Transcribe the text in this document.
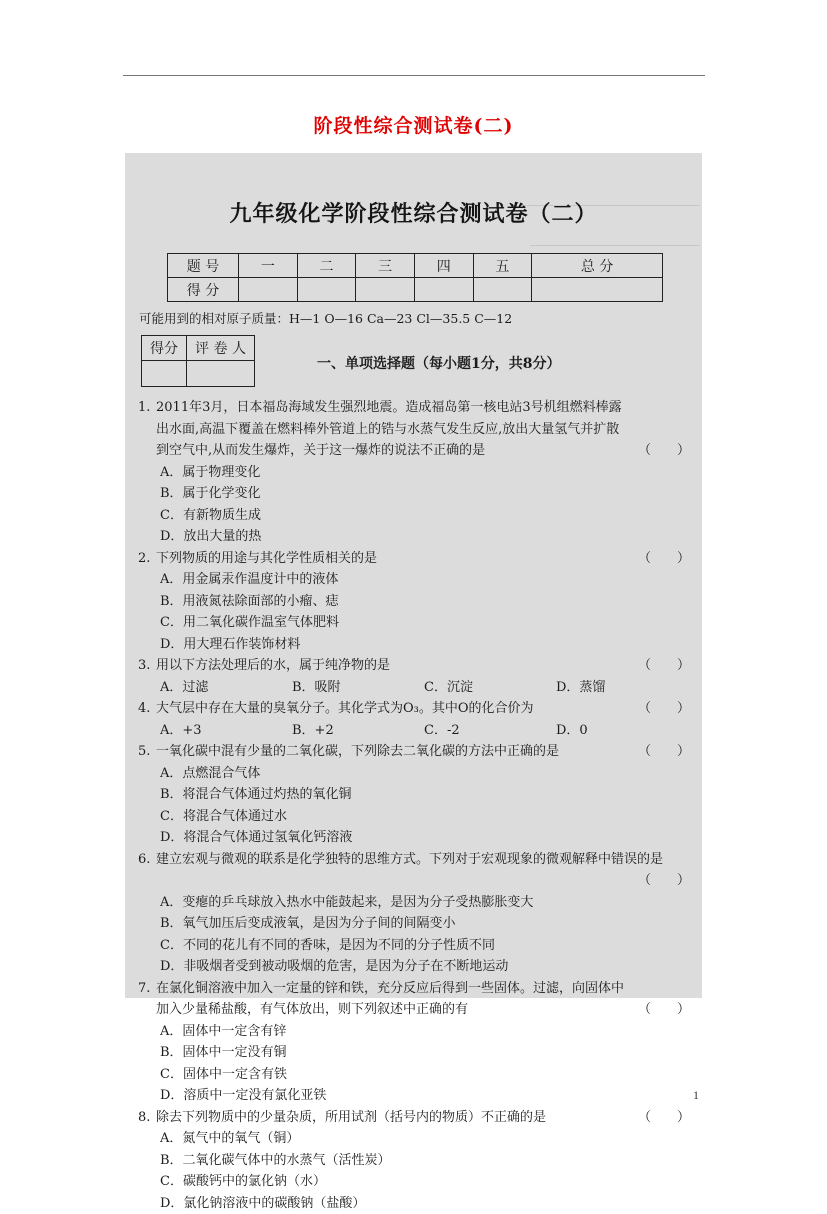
阶段性综合测试卷(二)
九年级化学阶段性综合测试卷（二）
题 号	一	二	三	四	五	总 分
得 分						
可能用到的相对原子质量：H—1 O—16 Ca—23 Cl—35.5 C—12
得分	评 卷 人

一、单项选择题（每小题1分，共8分）
1. 2011年3月，日本福岛海域发生强烈地震。造成福岛第一核电站3号机组燃料棒露出水面,高温下覆盖在燃料棒外管道上的锆与水蒸气发生反应,放出大量氢气并扩散到空气中,从而发生爆炸，关于这一爆炸的说法不正确的是	（　　）
A．属于物理变化
B．属于化学变化
C．有新物质生成
D．放出大量的热
2. 下列物质的用途与其化学性质相关的是	（　　）
A．用金属汞作温度计中的液体
B．用液氮祛除面部的小瘤、痣
C．用二氧化碳作温室气体肥料
D．用大理石作装饰材料
3. 用以下方法处理后的水，属于纯净物的是	（　　）
A．过滤	B．吸附	C．沉淀	D．蒸馏
4. 大气层中存在大量的臭氧分子。其化学式为O₃。其中O的化合价为	（　　）
A．+3	B．+2	C．-2	D．0
5. 一氧化碳中混有少量的二氧化碳，下列除去二氧化碳的方法中正确的是	（　　）
A．点燃混合气体
B．将混合气体通过灼热的氧化铜
C．将混合气体通过水
D．将混合气体通过氢氧化钙溶液
6. 建立宏观与微观的联系是化学独特的思维方式。下列对于宏观现象的微观解释中错误的是
（　　）
A．变瘪的乒乓球放入热水中能鼓起来，是因为分子受热膨胀变大
B．氧气加压后变成液氧，是因为分子间的间隔变小
C．不同的花儿有不同的香味，是因为不同的分子性质不同
D．非吸烟者受到被动吸烟的危害，是因为分子在不断地运动
7. 在氯化铜溶液中加入一定量的锌和铁，充分反应后得到一些固体。过滤，向固体中加入少量稀盐酸，有气体放出，则下列叙述中正确的有	（　　）
A．固体中一定含有锌
B．固体中一定没有铜
C．固体中一定含有铁
D．溶质中一定没有氯化亚铁
8. 除去下列物质中的少量杂质，所用试剂（括号内的物质）不正确的是	（　　）
A．氮气中的氧气（铜）
B．二氧化碳气体中的水蒸气（活性炭）
C．碳酸钙中的氯化钠（水）
D．氯化钠溶液中的碳酸钠（盐酸）
1
